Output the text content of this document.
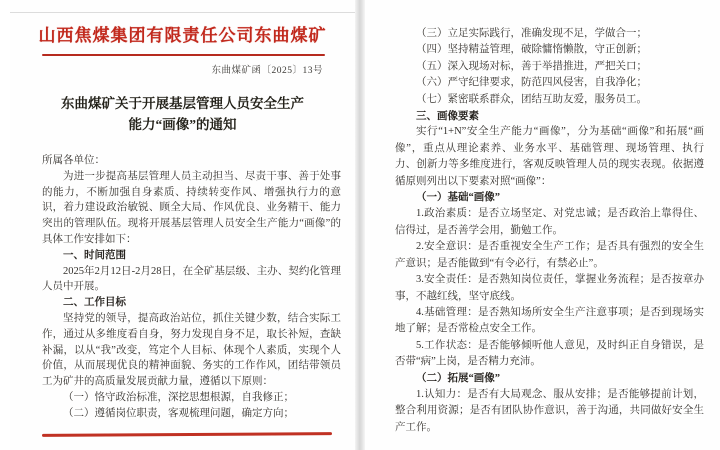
山西焦煤集团有限责任公司东曲煤矿
东曲煤矿函〔2025〕13号
东曲煤矿关于开展基层管理人员安全生产能力“画像”的通知

所属各单位：

为进一步提高基层管理人员主动担当、尽责干事、善于处事的能力，不断加强自身素质、持续转变作风、增强执行力的意识，着力建设政治敏锐、顾全大局、作风优良、业务精干、能力突出的管理队伍。现将开展基层管理人员安全生产能力“画像”的具体工作安排如下：

一、时间范围

2025年2月12日-2月28日，在全矿基层级、主办、契约化管理人员中开展。

二、工作目标

坚持党的领导，提高政治站位，抓住关键少数，结合实际工作，通过从多维度看自身，努力发现自身不足，取长补短，查缺补漏，以从“我”改变，笃定个人目标、体现个人素质，实现个人价值，从而展现优良的精神面貌、务实的工作作风，团结带领员工为矿井的高质量发展贡献力量，遵循以下原则：

（一）恪守政治标准，深挖思想根源，自我修正；

（二）遵循岗位职责，客观梳理问题，确定方向；

（三）立足实际践行，准确发现不足，学做合一；

（四）坚持精益管理，破除慵惰懒散，守正创新；

（五）深入现场对标，善于举措推进，严把关口；

（六）严守纪律要求，防范四风侵害，自我净化；

（七）紧密联系群众，团结互助友爱，服务员工。

三、画像要素

实行“1+N”安全生产能力“画像”，分为基础“画像”和拓展“画像”，重点从理论素养、业务水平、基础管理、现场管理、执行力、创新力等多维度进行，客观反映管理人员的现实表现。依据遵循原则列出以下要素对照“画像”：

（一）基础“画像”

1.政治素质：是否立场坚定、对党忠诚；是否政治上靠得住、信得过，是否善学会用，勤勉工作。

2.安全意识：是否重视安全生产工作；是否具有强烈的安全生产意识；是否能做到“有令必行，有禁必止”。

3.安全责任：是否熟知岗位责任，掌握业务流程；是否按章办事，不越红线，坚守底线。

4.基础管理：是否熟知场所安全生产注意事项；是否到现场实地了解；是否常检点安全工作。

5.工作状态：是否能够倾听他人意见，及时纠正自身错误，是否带“病”上岗，是否精力充沛。

（二）拓展“画像”

1.认知力：是否有大局观念、服从安排；是否能够提前计划，整合利用资源；是否有团队协作意识，善于沟通，共同做好安全生产工作。
